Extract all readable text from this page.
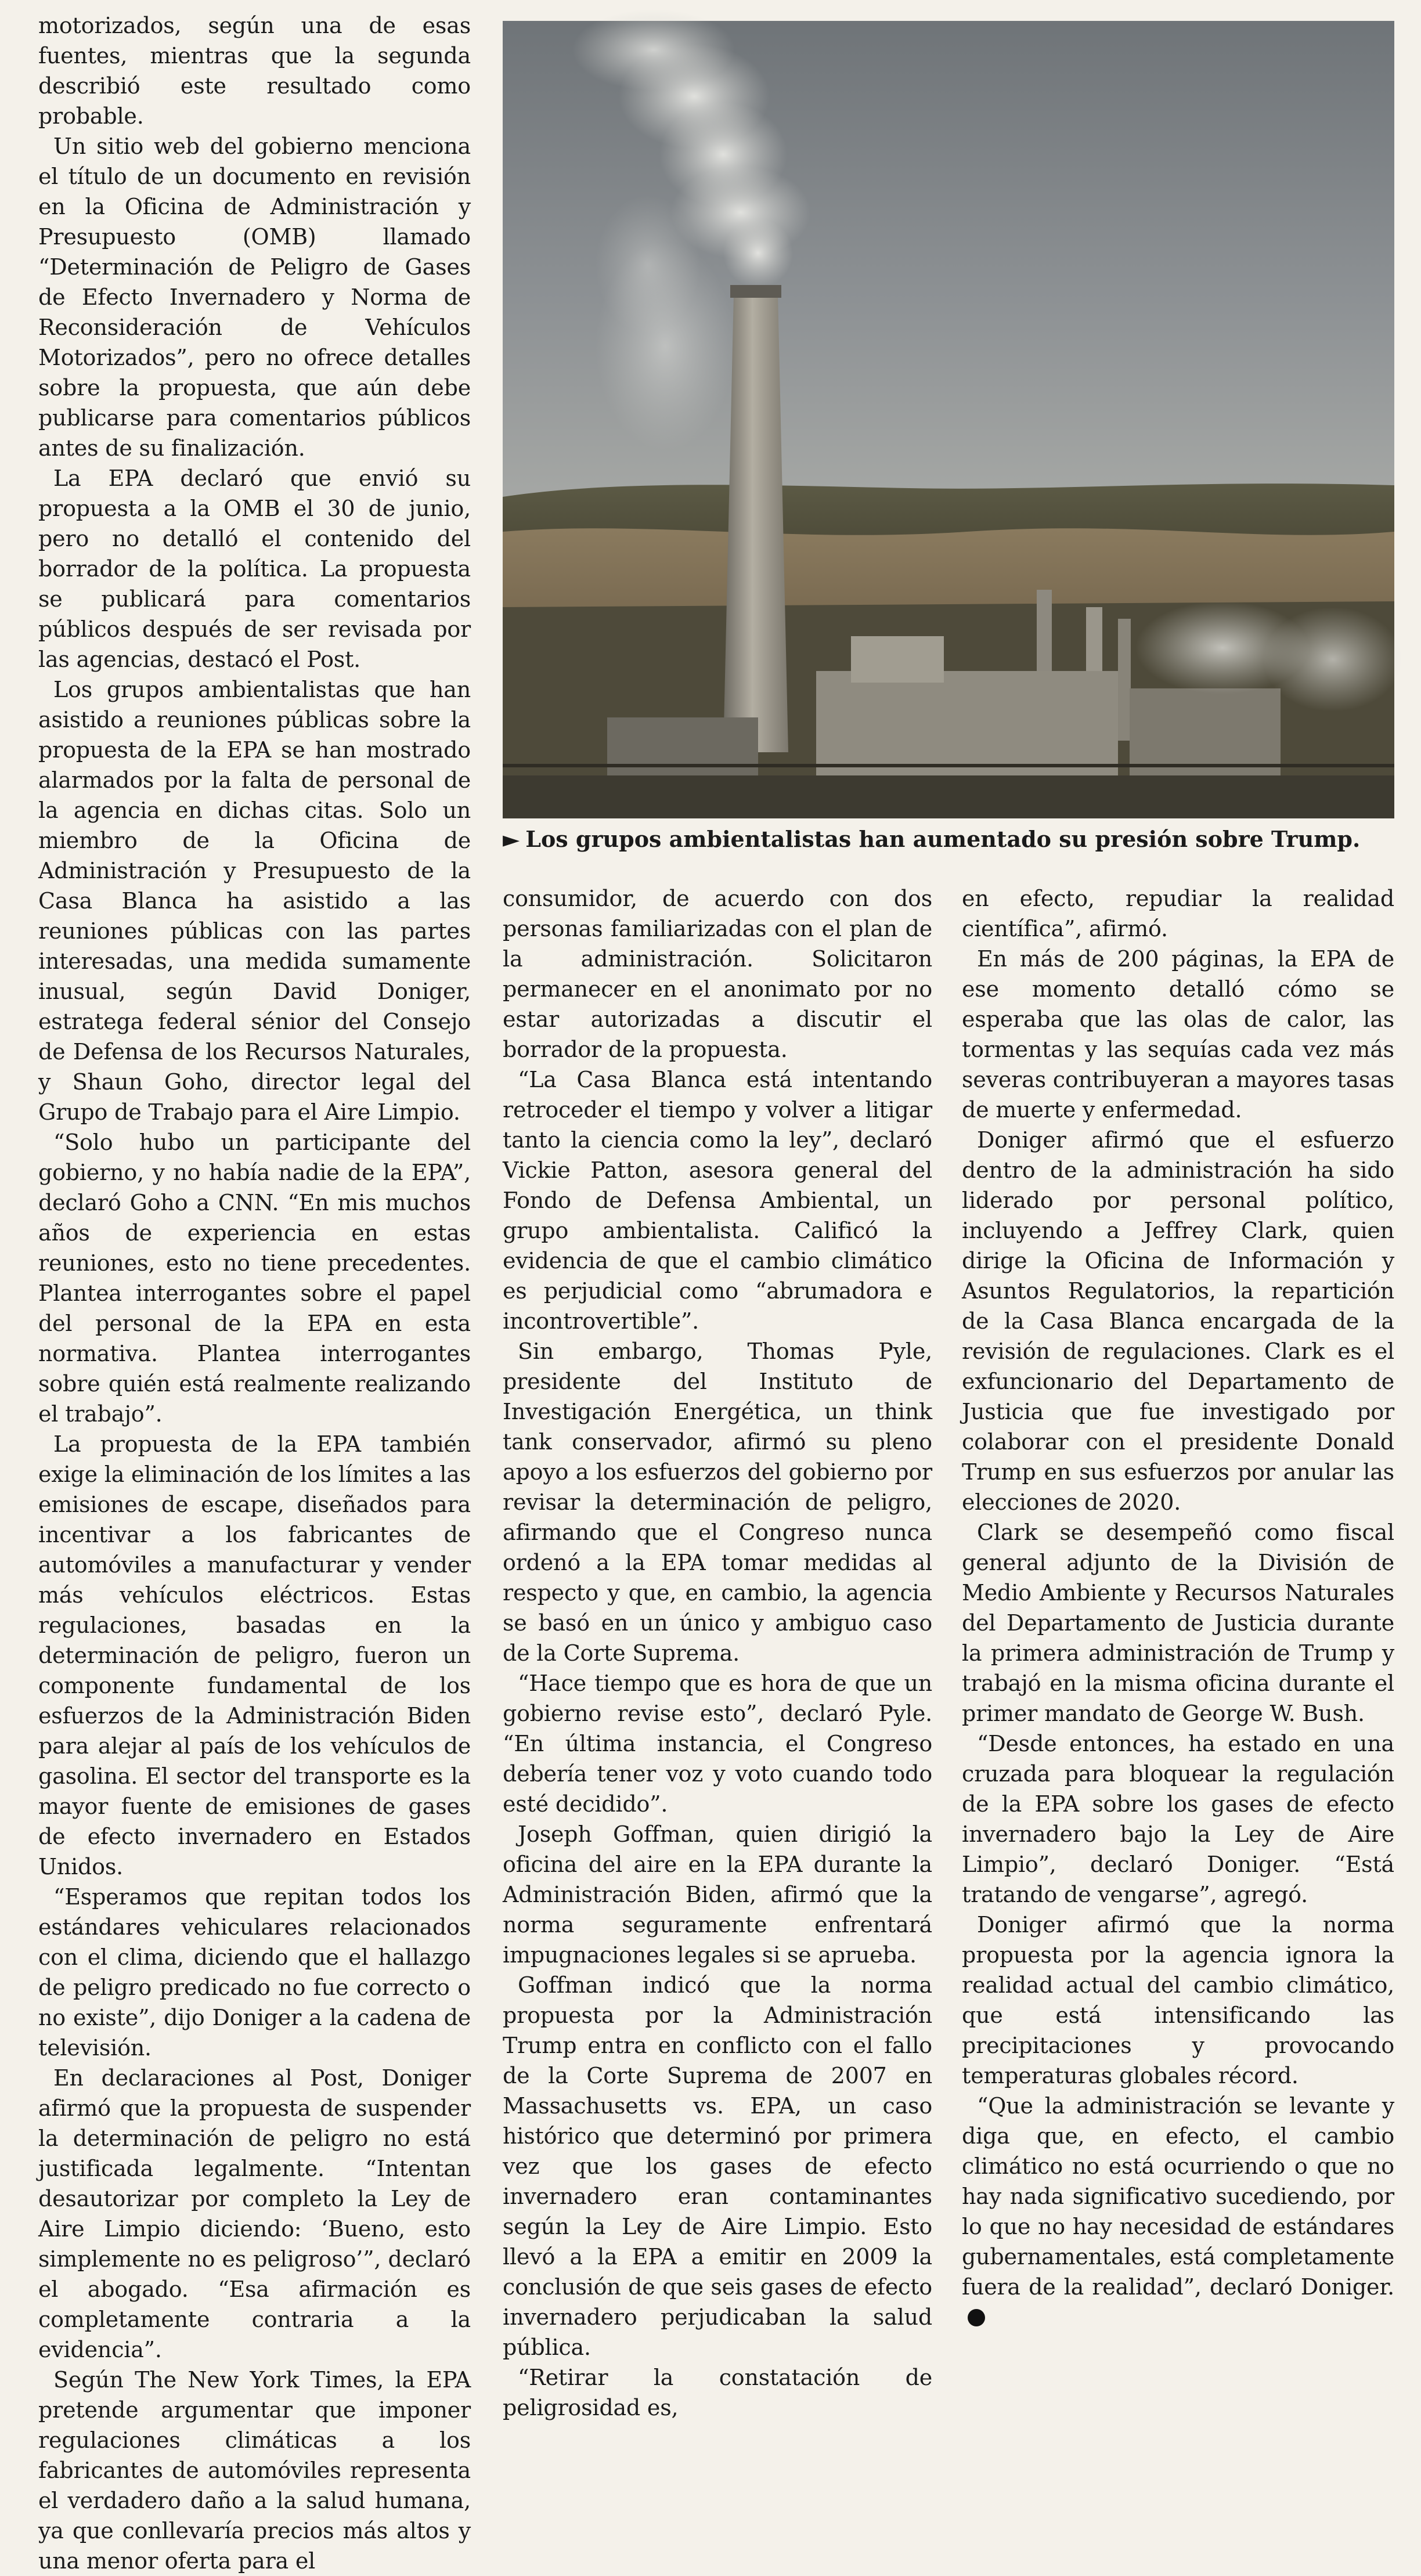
motorizados, según una de esas fuentes, mientras que la segunda describió este resultado como probable.

Un sitio web del gobierno menciona el título de un documento en revisión en la Oficina de Administración y Presupuesto (OMB) llamado “Determinación de Peligro de Gases de Efecto Invernadero y Norma de Reconsideración de Vehículos Motorizados”, pero no ofrece detalles sobre la propuesta, que aún debe publicarse para comentarios públicos antes de su finalización.

La EPA declaró que envió su propuesta a la OMB el 30 de junio, pero no detalló el contenido del borrador de la política. La propuesta se publicará para comentarios públicos después de ser revisada por las agencias, destacó el Post.

Los grupos ambientalistas que han asistido a reuniones públicas sobre la propuesta de la EPA se han mostrado alarmados por la falta de personal de la agencia en dichas citas. Solo un miembro de la Oficina de Administración y Presupuesto de la Casa Blanca ha asistido a las reuniones públicas con las partes interesadas, una medida sumamente inusual, según David Doniger, estratega federal sénior del Consejo de Defensa de los Recursos Naturales, y Shaun Goho, director legal del Grupo de Trabajo para el Aire Limpio.

“Solo hubo un participante del gobierno, y no había nadie de la EPA”, declaró Goho a CNN. “En mis muchos años de experiencia en estas reuniones, esto no tiene precedentes. Plantea interrogantes sobre el papel del personal de la EPA en esta normativa. Plantea interrogantes sobre quién está realmente realizando el trabajo”.

La propuesta de la EPA también exige la eliminación de los límites a las emisiones de escape, diseñados para incentivar a los fabricantes de automóviles a manufacturar y vender más vehículos eléctricos. Estas regulaciones, basadas en la determinación de peligro, fueron un componente fundamental de los esfuerzos de la Administración Biden para alejar al país de los vehículos de gasolina. El sector del transporte es la mayor fuente de emisiones de gases de efecto invernadero en Estados Unidos.

“Esperamos que repitan todos los estándares vehiculares relacionados con el clima, diciendo que el hallazgo de peligro predicado no fue correcto o no existe”, dijo Doniger a la cadena de televisión.

En declaraciones al Post, Doniger afirmó que la propuesta de suspender la determinación de peligro no está justificada legalmente. “Intentan desautorizar por completo la Ley de Aire Limpio diciendo: ‘Bueno, esto simplemente no es peligroso’”, declaró el abogado. “Esa afirmación es completamente contraria a la evidencia”.

Según The New York Times, la EPA pretende argumentar que imponer regulaciones climáticas a los fabricantes de automóviles representa el verdadero daño a la salud humana, ya que conllevaría precios más altos y una menor oferta para el

► Los grupos ambientalistas han aumentado su presión sobre Trump.

consumidor, de acuerdo con dos personas familiarizadas con el plan de la administración. Solicitaron permanecer en el anonimato por no estar autorizadas a discutir el borrador de la propuesta.

“La Casa Blanca está intentando retroceder el tiempo y volver a litigar tanto la ciencia como la ley”, declaró Vickie Patton, asesora general del Fondo de Defensa Ambiental, un grupo ambientalista. Calificó la evidencia de que el cambio climático es perjudicial como “abrumadora e incontrovertible”.

Sin embargo, Thomas Pyle, presidente del Instituto de Investigación Energética, un think tank conservador, afirmó su pleno apoyo a los esfuerzos del gobierno por revisar la determinación de peligro, afirmando que el Congreso nunca ordenó a la EPA tomar medidas al respecto y que, en cambio, la agencia se basó en un único y ambiguo caso de la Corte Suprema.

“Hace tiempo que es hora de que un gobierno revise esto”, declaró Pyle. “En última instancia, el Congreso debería tener voz y voto cuando todo esté decidido”.

Joseph Goffman, quien dirigió la oficina del aire en la EPA durante la Administración Biden, afirmó que la norma seguramente enfrentará impugnaciones legales si se aprueba.

Goffman indicó que la norma propuesta por la Administración Trump entra en conflicto con el fallo de la Corte Suprema de 2007 en Massachusetts vs. EPA, un caso histórico que determinó por primera vez que los gases de efecto invernadero eran contaminantes según la Ley de Aire Limpio. Esto llevó a la EPA a emitir en 2009 la conclusión de que seis gases de efecto invernadero perjudicaban la salud pública.

“Retirar la constatación de peligrosidad es,

en efecto, repudiar la realidad científica”, afirmó.

En más de 200 páginas, la EPA de ese momento detalló cómo se esperaba que las olas de calor, las tormentas y las sequías cada vez más severas contribuyeran a mayores tasas de muerte y enfermedad.

Doniger afirmó que el esfuerzo dentro de la administración ha sido liderado por personal político, incluyendo a Jeffrey Clark, quien dirige la Oficina de Información y Asuntos Regulatorios, la repartición de la Casa Blanca encargada de la revisión de regulaciones. Clark es el exfuncionario del Departamento de Justicia que fue investigado por colaborar con el presidente Donald Trump en sus esfuerzos por anular las elecciones de 2020.

Clark se desempeñó como fiscal general adjunto de la División de Medio Ambiente y Recursos Naturales del Departamento de Justicia durante la primera administración de Trump y trabajó en la misma oficina durante el primer mandato de George W. Bush.

“Desde entonces, ha estado en una cruzada para bloquear la regulación de la EPA sobre los gases de efecto invernadero bajo la Ley de Aire Limpio”, declaró Doniger. “Está tratando de vengarse”, agregó.

Doniger afirmó que la norma propuesta por la agencia ignora la realidad actual del cambio climático, que está intensificando las precipitaciones y provocando temperaturas globales récord.

“Que la administración se levante y diga que, en efecto, el cambio climático no está ocurriendo o que no hay nada significativo sucediendo, por lo que no hay necesidad de estándares gubernamentales, está completamente fuera de la realidad”, declaró Doniger.
